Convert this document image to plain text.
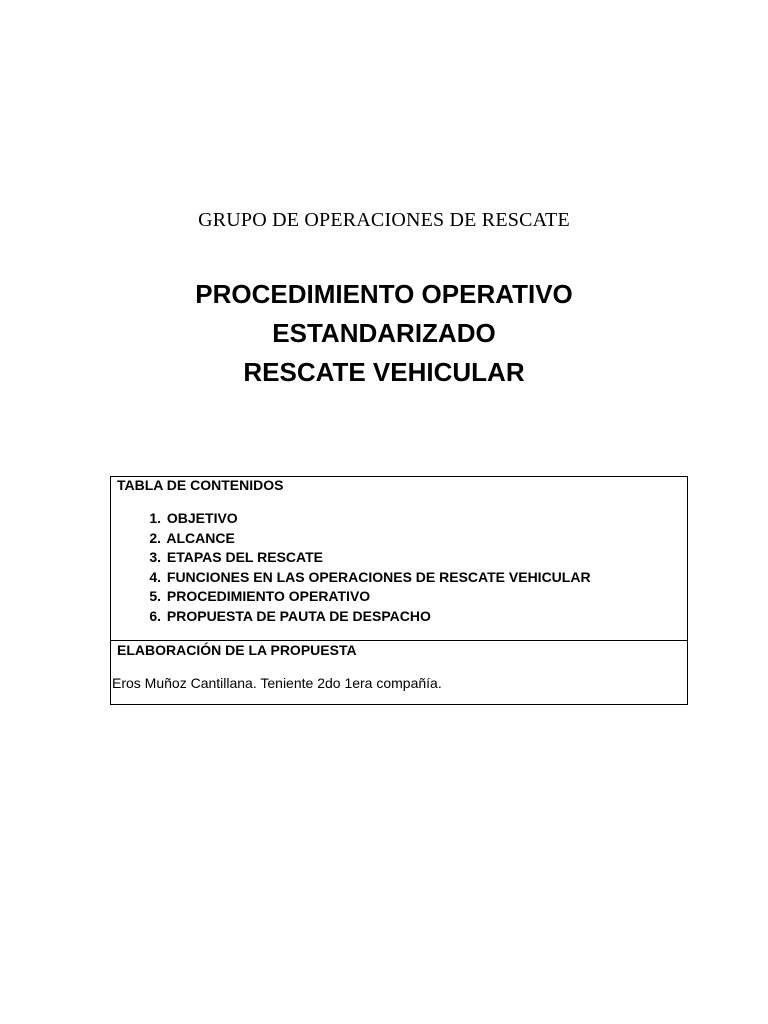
GRUPO DE OPERACIONES DE RESCATE

PROCEDIMIENTO OPERATIVO
ESTANDARIZADO
RESCATE VEHICULAR

TABLA DE CONTENIDOS

1. OBJETIVO
2. ALCANCE
3. ETAPAS DEL RESCATE
4. FUNCIONES EN LAS OPERACIONES DE RESCATE VEHICULAR
5. PROCEDIMIENTO OPERATIVO
6. PROPUESTA DE PAUTA DE DESPACHO

ELABORACIÓN DE LA PROPUESTA

Eros Muñoz Cantillana. Teniente 2do 1era compañía.
